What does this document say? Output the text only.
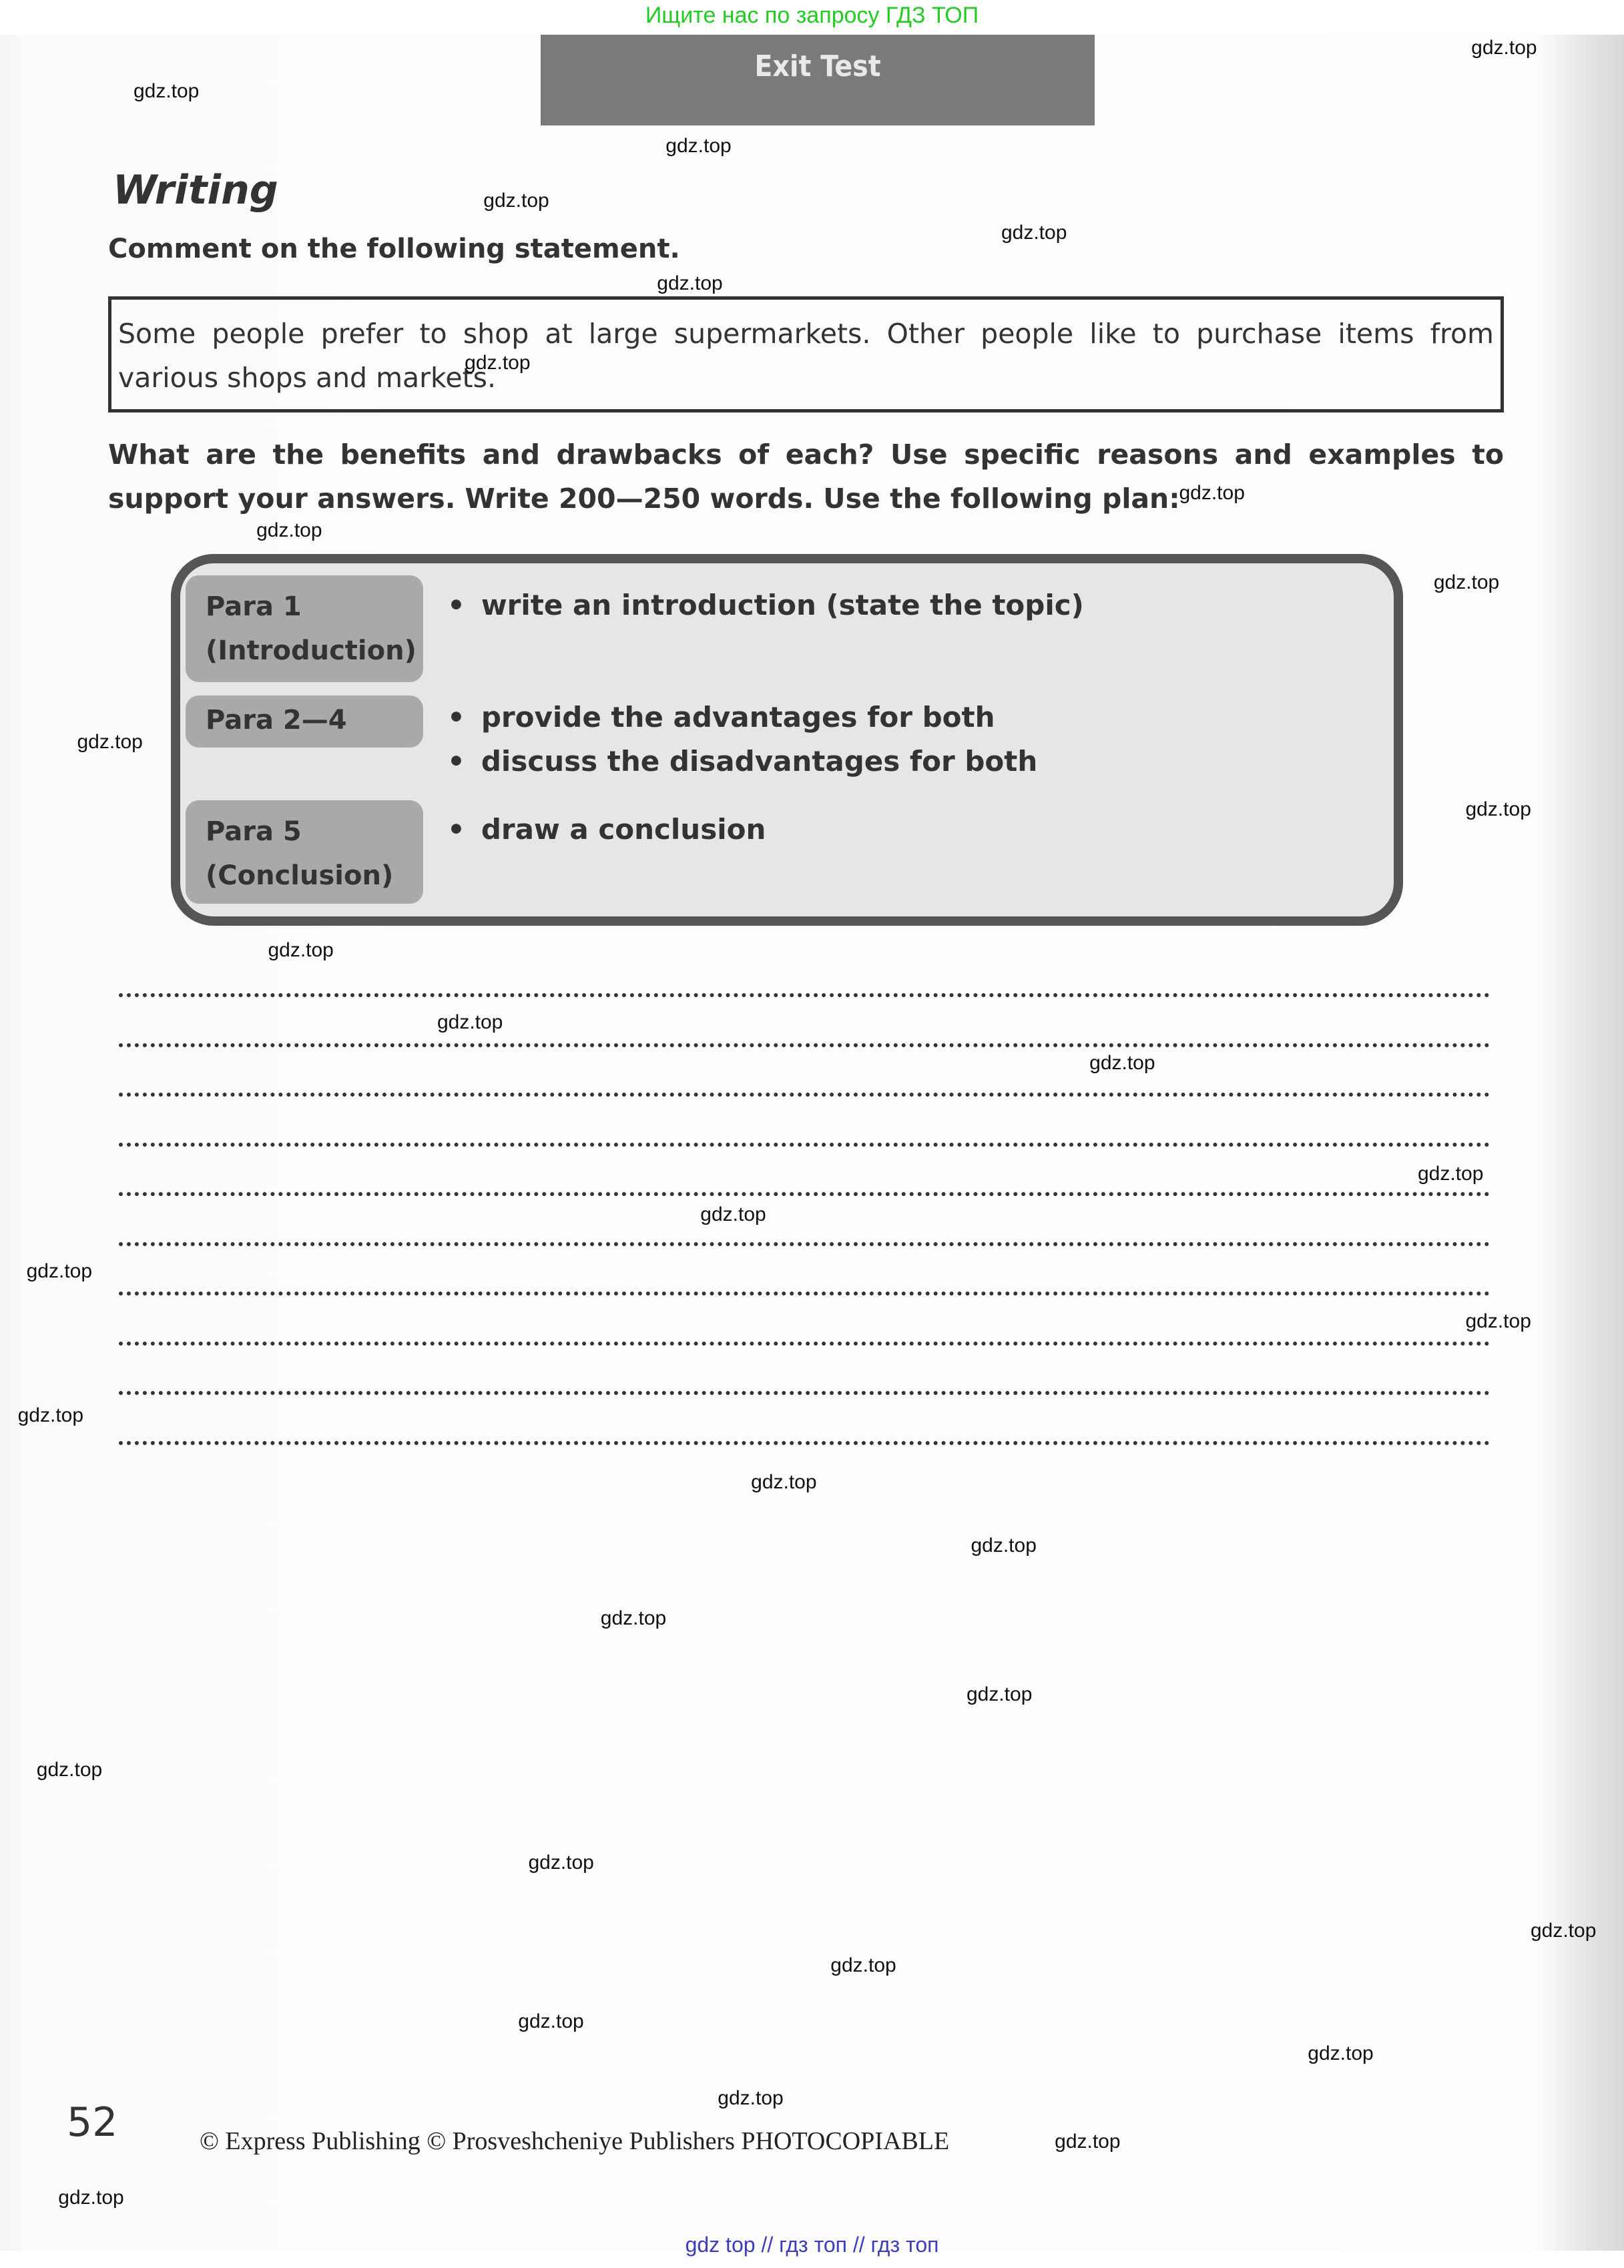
Ищите нас по запросу ГДЗ ТОП
Exit Test
Writing
Comment on the following statement.
Some people prefer to shop at large supermarkets. Other people like to purchase items from various shops and markets.
What are the benefits and drawbacks of each? Use specific reasons and examples to support your answers. Write 200—250 words. Use the following plan:
Para 1
(Introduction)
• write an introduction (state the topic)
Para 2—4	• provide the advantages for both
• discuss the disadvantages for both
Para 5
(Conclusion)
• draw a conclusion
52	© Express Publishing © Prosveshcheniye Publishers PHOTOCOPIABLE
gdz top // гдз топ // гдз топ
gdz.top
gdz.top
gdz.top
gdz.top
gdz.top
gdz.top
gdz.top
gdz.top
gdz.top
gdz.top
gdz.top
gdz.top
gdz.top
gdz.top
gdz.top
gdz.top
gdz.top
gdz.top
gdz.top
gdz.top
gdz.top
gdz.top
gdz.top
gdz.top
gdz.top
gdz.top
gdz.top
gdz.top
gdz.top
gdz.top
gdz.top
gdz.top
gdz.top
